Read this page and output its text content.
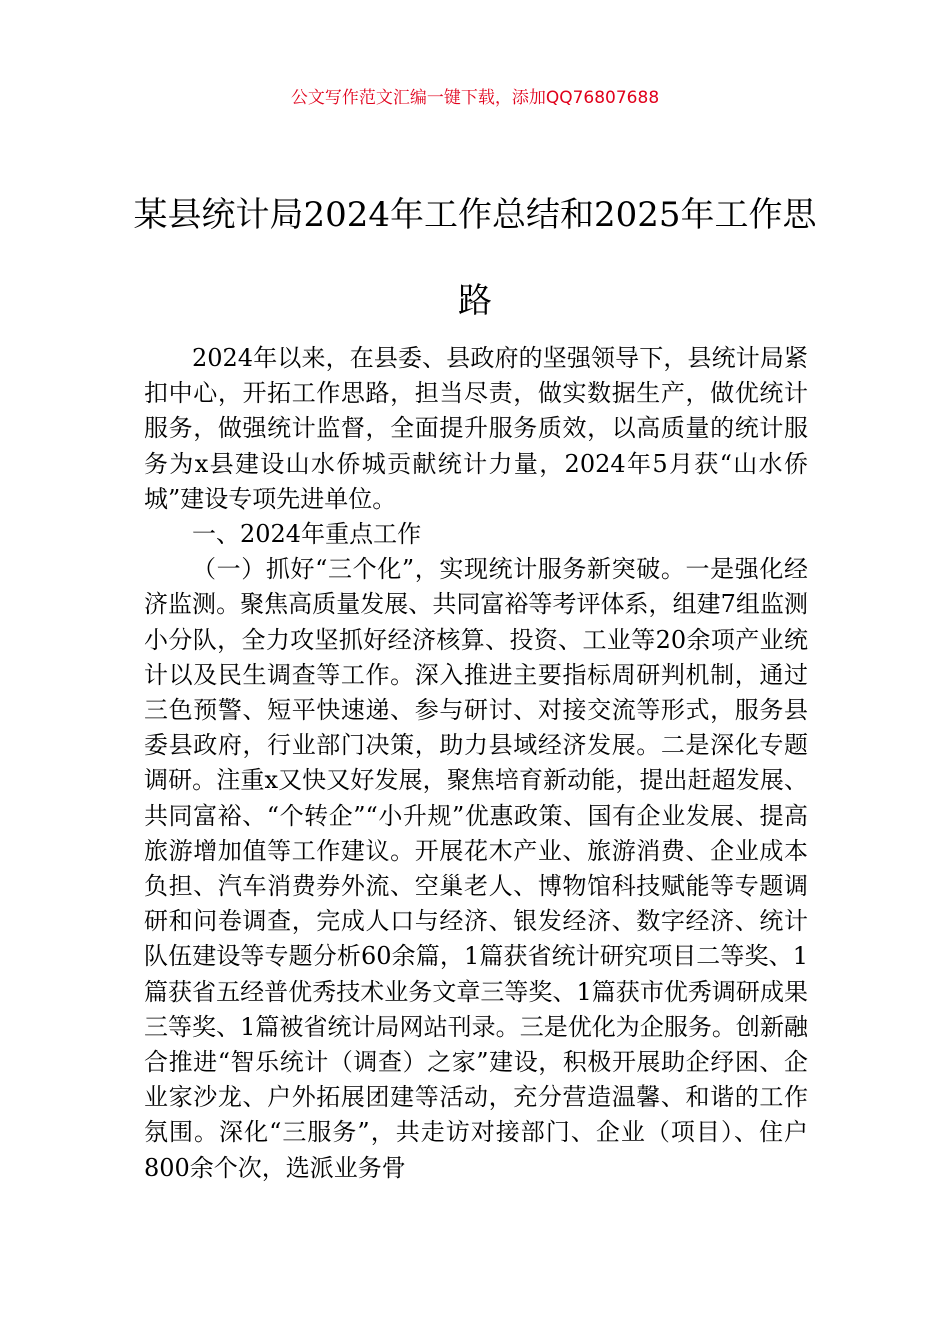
公文写作范文汇编一键下载，添加QQ76807688
某县统计局2024年工作总结和2025年工作思路

2024年以来，在县委、县政府的坚强领导下，县统计局紧扣中心，开拓工作思路，担当尽责，做实数据生产，做优统计服务，做强统计监督，全面提升服务质效，以高质量的统计服务为x县建设山水侨城贡献统计力量，2024年5月获“山水侨城”建设专项先进单位。

一、2024年重点工作

（一）抓好“三个化”，实现统计服务新突破。一是强化经济监测。聚焦高质量发展、共同富裕等考评体系，组建7组监测小分队，全力攻坚抓好经济核算、投资、工业等20余项产业统计以及民生调查等工作。深入推进主要指标周研判机制，通过三色预警、短平快速递、参与研讨、对接交流等形式，服务县委县政府，行业部门决策，助力县域经济发展。二是深化专题调研。注重x又快又好发展，聚焦培育新动能，提出赶超发展、共同富裕、“个转企”“小升规”优惠政策、国有企业发展、提高旅游增加值等工作建议。开展花木产业、旅游消费、企业成本负担、汽车消费券外流、空巢老人、博物馆科技赋能等专题调研和问卷调查，完成人口与经济、银发经济、数字经济、统计队伍建设等专题分析60余篇，1篇获省统计研究项目二等奖、1篇获省五经普优秀技术业务文章三等奖、1篇获市优秀调研成果三等奖、1篇被省统计局网站刊录。三是优化为企服务。创新融合推进“智乐统计（调查）之家”建设，积极开展助企纾困、企业家沙龙、户外拓展团建等活动，充分营造温馨、和谐的工作氛围。深化“三服务”，共走访对接部门、企业（项目）、住户800余个次，选派业务骨
